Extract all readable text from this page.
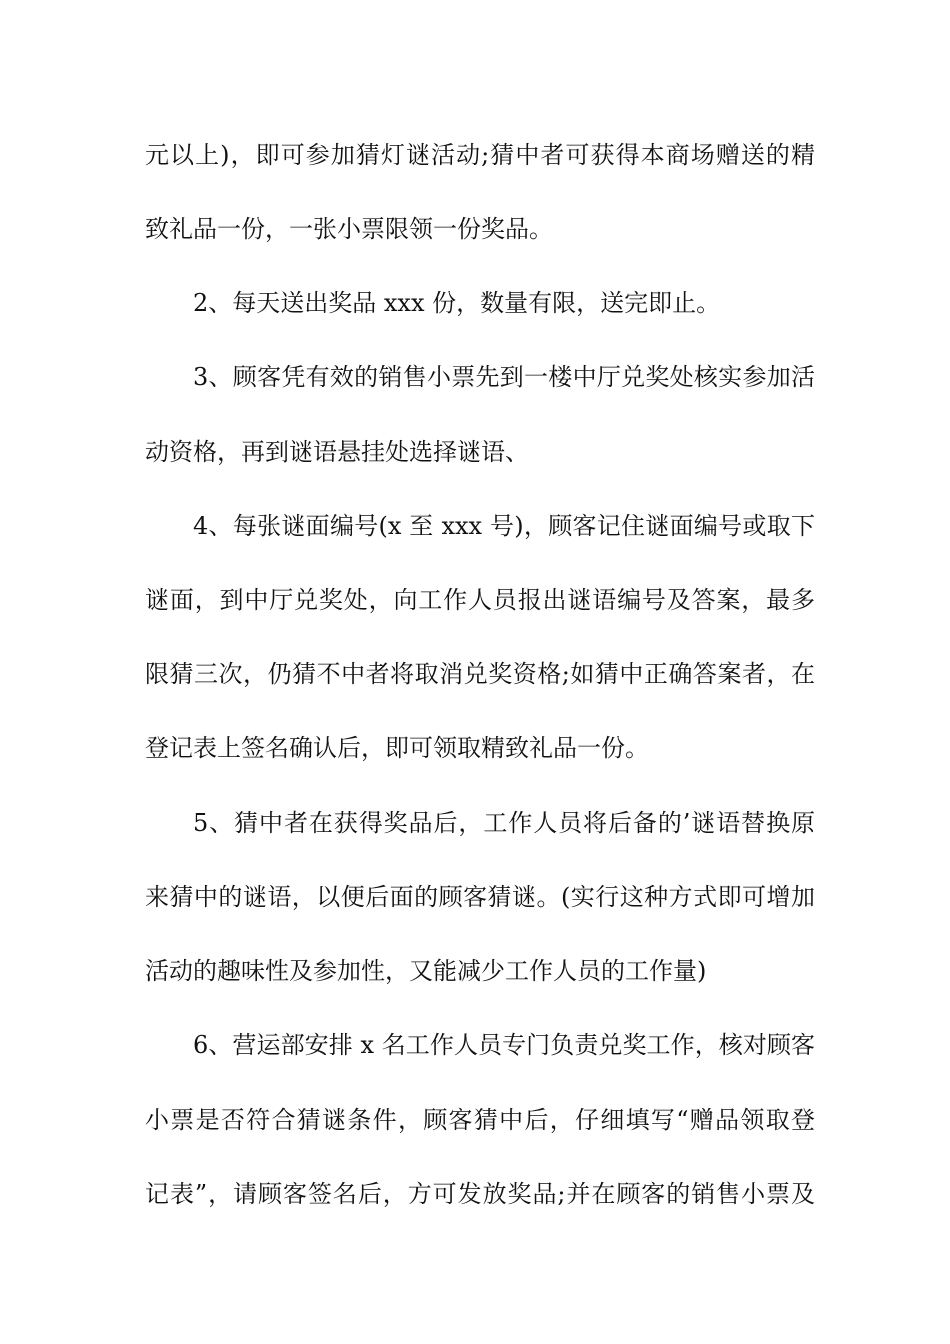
元以上)，即可参加猜灯谜活动;猜中者可获得本商场赠送的精
致礼品一份，一张小票限领一份奖品。
2、每天送出奖品 xxx 份，数量有限，送完即止。
3、顾客凭有效的销售小票先到一楼中厅兑奖处核实参加活
动资格，再到谜语悬挂处选择谜语、
4、每张谜面编号(x 至 xxx 号)，顾客记住谜面编号或取下
谜面，到中厅兑奖处，向工作人员报出谜语编号及答案，最多
限猜三次，仍猜不中者将取消兑奖资格;如猜中正确答案者，在
登记表上签名确认后，即可领取精致礼品一份。
5、猜中者在获得奖品后，工作人员将后备的’谜语替换原
来猜中的谜语，以便后面的顾客猜谜。(实行这种方式即可增加
活动的趣味性及参加性，又能减少工作人员的工作量)
6、营运部安排 x 名工作人员专门负责兑奖工作，核对顾客
小票是否符合猜谜条件，顾客猜中后，仔细填写“赠品领取登
记表”，请顾客签名后，方可发放奖品;并在顾客的销售小票及
